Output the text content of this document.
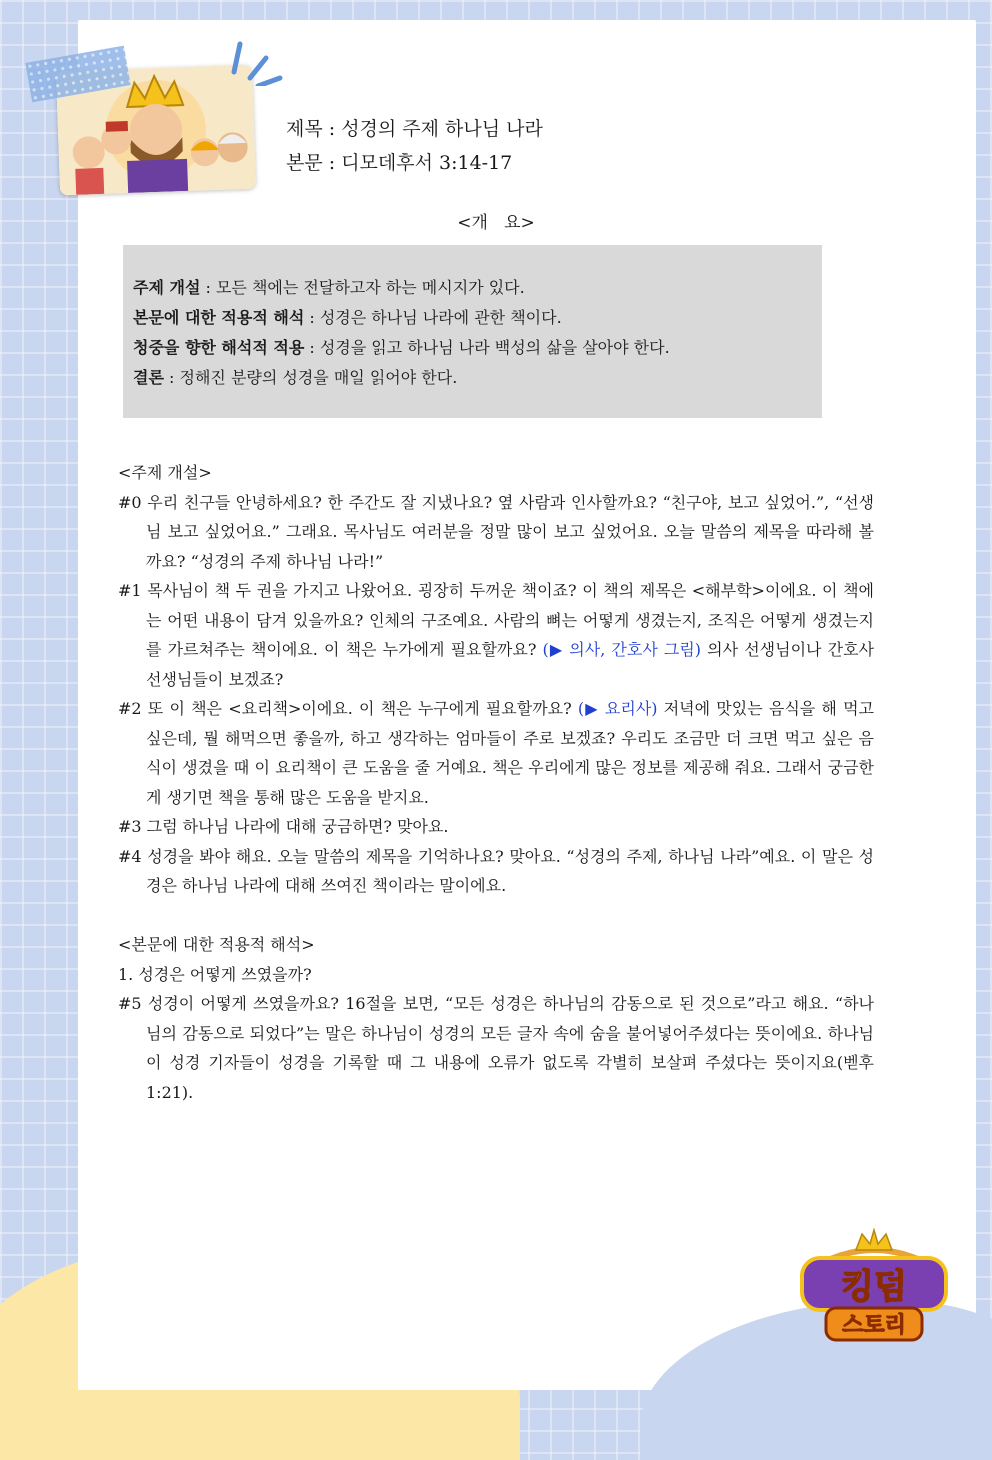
제목 : 성경의 주제 하나님 나라
본문 : 디모데후서 3:14-17
<개   요>
주제 개설 : 모든 책에는 전달하고자 하는 메시지가 있다.
본문에 대한 적용적 해석 : 성경은 하나님 나라에 관한 책이다.
청중을 향한 해석적 적용 : 성경을 읽고 하나님 나라 백성의 삶을 살아야 한다.
결론 : 정해진 분량의 성경을 매일 읽어야 한다.

<주제 개설>

#0 우리 친구들 안녕하세요? 한 주간도 잘 지냈나요? 옆 사람과 인사할까요? “친구야, 보고 싶었어.”, “선생님 보고 싶었어요.” 그래요. 목사님도 여러분을 정말 많이 보고 싶었어요. 오늘 말씀의 제목을 따라해 볼까요? “성경의 주제 하나님 나라!”

#1 목사님이 책 두 권을 가지고 나왔어요. 굉장히 두꺼운 책이죠? 이 책의 제목은 <해부학>이에요. 이 책에는 어떤 내용이 담겨 있을까요? 인체의 구조예요. 사람의 뼈는 어떻게 생겼는지, 조직은 어떻게 생겼는지를 가르쳐주는 책이에요. 이 책은 누가에게 필요할까요? (▶ 의사, 간호사 그림) 의사 선생님이나 간호사 선생님들이 보겠죠?

#2 또 이 책은 <요리책>이에요. 이 책은 누구에게 필요할까요? (▶ 요리사) 저녁에 맛있는 음식을 해 먹고 싶은데, 뭘 해먹으면 좋을까, 하고 생각하는 엄마들이 주로 보겠죠? 우리도 조금만 더 크면 먹고 싶은 음식이 생겼을 때 이 요리책이 큰 도움을 줄 거예요. 책은 우리에게 많은 정보를 제공해 줘요. 그래서 궁금한 게 생기면 책을 통해 많은 도움을 받지요.

#3 그럼 하나님 나라에 대해 궁금하면? 맞아요.

#4 성경을 봐야 해요. 오늘 말씀의 제목을 기억하나요? 맞아요. “성경의 주제, 하나님 나라”예요. 이 말은 성경은 하나님 나라에 대해 쓰여진 책이라는 말이에요.

<본문에 대한 적용적 해석>

1. 성경은 어떻게 쓰였을까?

#5 성경이 어떻게 쓰였을까요? 16절을 보면, “모든 성경은 하나님의 감동으로 된 것으로”라고 해요. “하나님의 감동으로 되었다”는 말은 하나님이 성경의 모든 글자 속에 숨을 불어넣어주셨다는 뜻이에요. 하나님이 성경 기자들이 성경을 기록할 때 그 내용에 오류가 없도록 각별히 보살펴 주셨다는 뜻이지요(벧후 1:21).

킹덤
스토리
